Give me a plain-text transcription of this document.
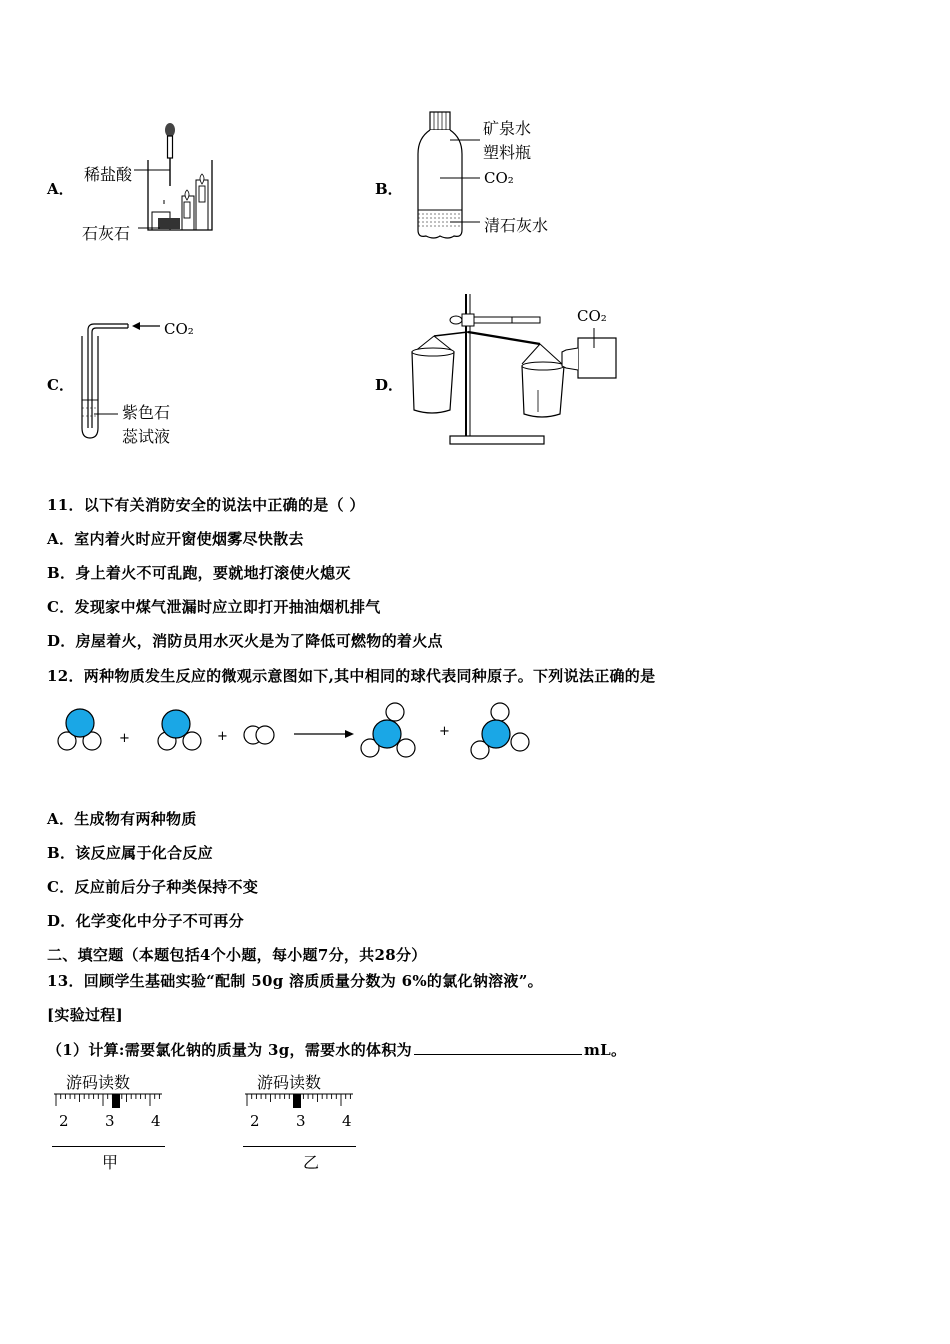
A．
稀盐酸
石灰石
B．
矿泉水
塑料瓶
CO₂
清石灰水
C．
CO₂
紫色石
蕊试液
D．
CO₂
11．以下有关消防安全的说法中正确的是（ ）
A．室内着火时应开窗使烟雾尽快散去
B．身上着火不可乱跑，要就地打滚使火熄灭
C．发现家中煤气泄漏时应立即打开抽油烟机排气
D．房屋着火，消防员用水灭火是为了降低可燃物的着火点
12．两种物质发生反应的微观示意图如下,其中相同的球代表同种原子。下列说法正确的是
+	+	+
A．生成物有两种物质
B．该反应属于化合反应
C．反应前后分子种类保持不变
D．化学变化中分子不可再分
二、填空题（本题包括4个小题，每小题7分，共28分）
13．回顾学生基础实验“配制 50g 溶质质量分数为 6%的氯化钠溶液”。
[实验过程]
（1）计算:需要氯化钠的质量为 3g，需要水的体积为	mL。
游码读数
2 3 4
甲
游码读数
2 3 4
乙
